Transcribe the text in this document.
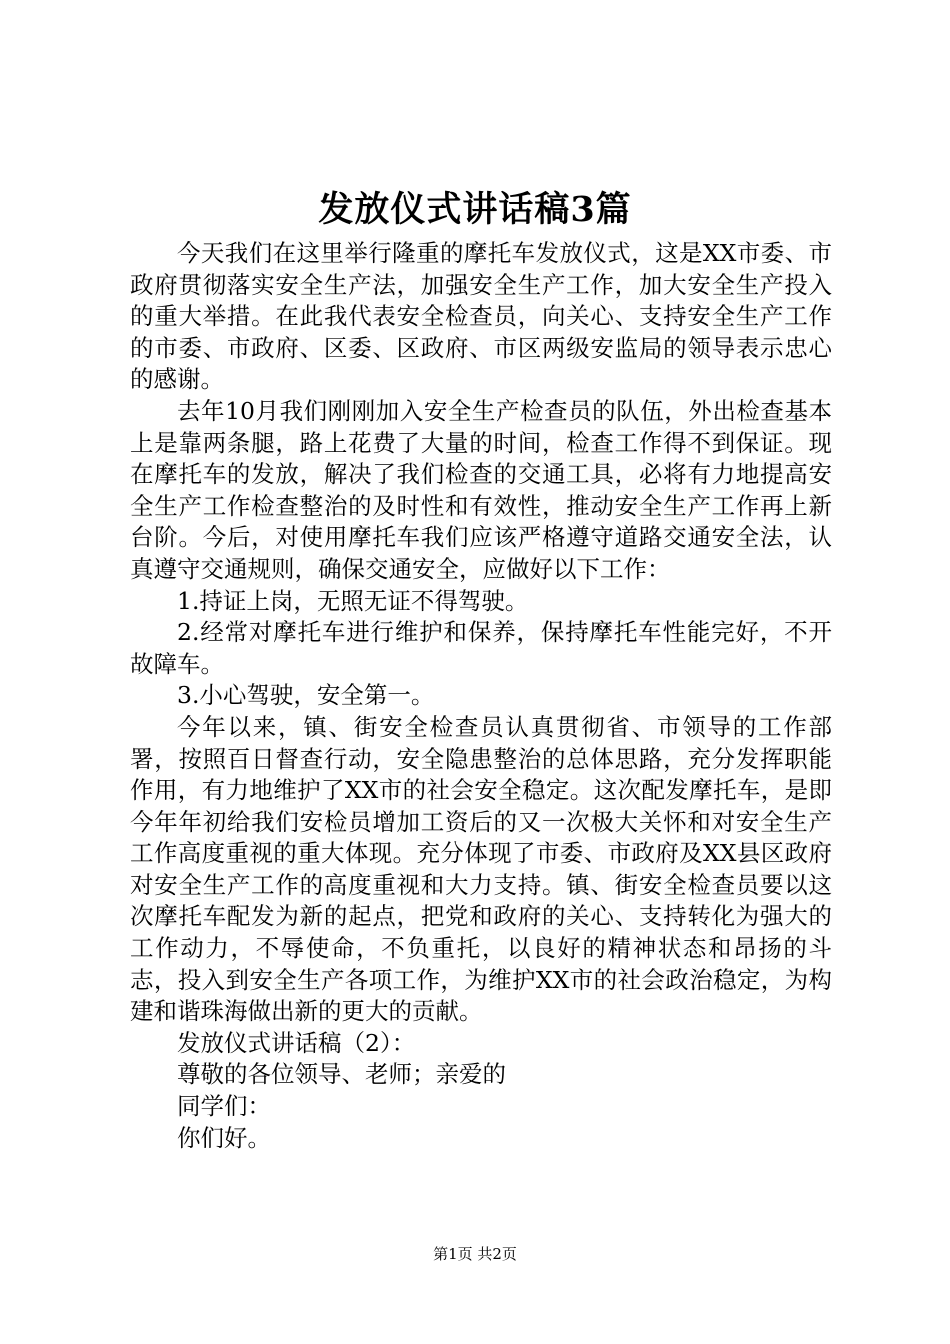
发放仪式讲话稿3篇

今天我们在这里举行隆重的摩托车发放仪式，这是XX市委、市政府贯彻落实安全生产法，加强安全生产工作，加大安全生产投入的重大举措。在此我代表安全检查员，向关心、支持安全生产工作的市委、市政府、区委、区政府、市区两级安监局的领导表示忠心的感谢。

去年10月我们刚刚加入安全生产检查员的队伍，外出检查基本上是靠两条腿，路上花费了大量的时间，检查工作得不到保证。现在摩托车的发放，解决了我们检查的交通工具，必将有力地提高安全生产工作检查整治的及时性和有效性，推动安全生产工作再上新台阶。今后，对使用摩托车我们应该严格遵守道路交通安全法，认真遵守交通规则，确保交通安全，应做好以下工作：

1.持证上岗，无照无证不得驾驶。

2.经常对摩托车进行维护和保养，保持摩托车性能完好，不开故障车。

3.小心驾驶，安全第一。

今年以来，镇、街安全检查员认真贯彻省、市领导的工作部署，按照百日督查行动，安全隐患整治的总体思路，充分发挥职能作用，有力地维护了XX市的社会安全稳定。这次配发摩托车，是即今年年初给我们安检员增加工资后的又一次极大关怀和对安全生产工作高度重视的重大体现。充分体现了市委、市政府及XX县区政府对安全生产工作的高度重视和大力支持。镇、街安全检查员要以这次摩托车配发为新的起点，把党和政府的关心、支持转化为强大的工作动力，不辱使命，不负重托，以良好的精神状态和昂扬的斗志，投入到安全生产各项工作，为维护XX市的社会政治稳定，为构建和谐珠海做出新的更大的贡献。

发放仪式讲话稿（2）：

尊敬的各位领导、老师；亲爱的

同学们：

你们好。

第1页 共2页
